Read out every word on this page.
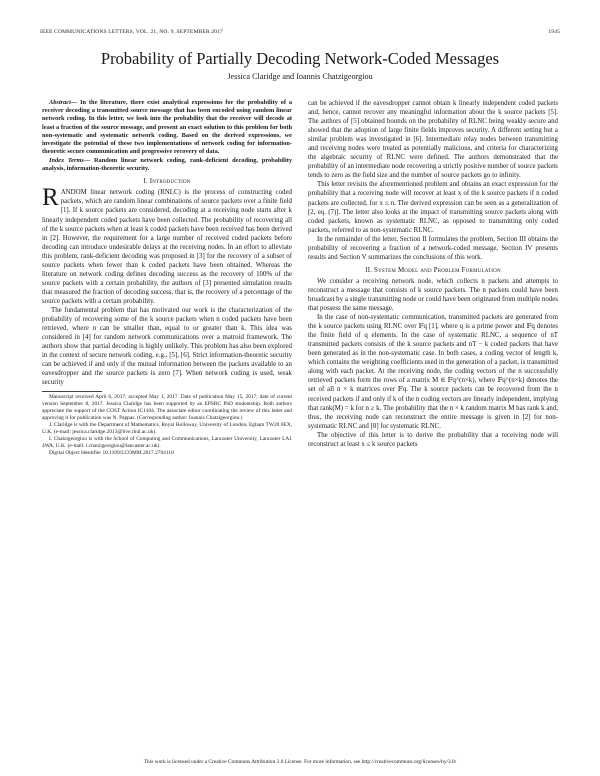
IEEE COMMUNICATIONS LETTERS, VOL. 21, NO. 9, SEPTEMBER 2017	1945
Probability of Partially Decoding Network-Coded Messages
Jessica Claridge and Ioannis Chatzigeorgiou

Abstract— In the literature, there exist analytical expressions for the probability of a receiver decoding a transmitted source message that has been encoded using random linear network coding. In this letter, we look into the probability that the receiver will decode at least a fraction of the source message, and present an exact solution to this problem for both non-systematic and systematic network coding. Based on the derived expressions, we investigate the potential of these two implementations of network coding for information-theoretic secure communication and progressive recovery of data.

Index Terms— Random linear network coding, rank-deficient decoding, probability analysis, information-theoretic security.

I. Introduction

RANDOM linear network coding (RNLC) is the process of constructing coded packets, which are random linear combinations of source packets over a finite field [1]. If k source packets are considered, decoding at a receiving node starts after k linearly independent coded packets have been collected. The probability of recovering all of the k source packets when at least k coded packets have been received has been derived in [2]. However, the requirement for a large number of received coded packets before decoding can introduce undesirable delays at the receiving nodes. In an effort to alleviate this problem, rank-deficient decoding was proposed in [3] for the recovery of a subset of source packets when fewer than k coded packets have been obtained. Whereas the literature on network coding defines decoding success as the recovery of 100% of the source packets with a certain probability, the authors of [3] presented simulation results that measured the fraction of decoding success, that is, the recovery of a percentage of the source packets with a certain probability.

The fundamental problem that has motivated our work is the characterization of the probability of recovering some of the k source packets when n coded packets have been retrieved, where n can be smaller than, equal to or greater than k. This idea was considered in [4] for random network communications over a matroid framework. The authors show that partial decoding is highly unlikely. This problem has also been explored in the context of secure network coding, e.g., [5], [6]. Strict information-theoretic security can be achieved if and only if the mutual information between the packets available to an eavesdropper and the source packets is zero [7]. When network coding is used, weak security

Manuscript received April 6, 2017; accepted May 1, 2017. Date of publication May 15, 2017; date of current version September 8, 2017. Jessica Claridge has been supported by an EPSRC PhD studentship. Both authors appreciate the support of the COST Action IC1104. The associate editor coordinating the review of this letter and approving it for publication was N. Pappas. (Corresponding author: Ioannis Chatzigeorgiou.)

J. Claridge is with the Department of Mathematics, Royal Holloway, University of London, Egham TW20 0EX, U.K. (e-mail: jessica.claridge.2013@live.rhul.ac.uk).

I. Chatzigeorgiou is with the School of Computing and Communications, Lancaster University, Lancaster LA1 4WA, U.K. (e-mail: i.chatzigeorgiou@lancaster.ac.uk).

Digital Object Identifier 10.1109/LCOMM.2017.2704110

can be achieved if the eavesdropper cannot obtain k linearly independent coded packets and, hence, cannot recover any meaningful information about the k source packets [5]. The authors of [5] obtained bounds on the probability of RLNC being weakly secure and showed that the adoption of large finite fields improves security. A different setting but a similar problem was investigated in [6]. Intermediate relay nodes between transmitting and receiving nodes were treated as potentially malicious, and criteria for characterizing the algebraic security of RLNC were defined. The authors demonstrated that the probability of an intermediate node recovering a strictly positive number of source packets tends to zero as the field size and the number of source packets go to infinity.

This letter revisits the aforementioned problem and obtains an exact expression for the probability that a receiving node will recover at least x of the k source packets if n coded packets are collected, for x ≤ n. The derived expression can be seen as a generalization of [2, eq. (7)]. The letter also looks at the impact of transmitting source packets along with coded packets, known as systematic RLNC, as opposed to transmitting only coded packets, referred to as non-systematic RLNC.

In the remainder of the letter, Section II formulates the problem, Section III obtains the probability of recovering a fraction of a network-coded message, Section IV presents results and Section V summarizes the conclusions of this work.

II. System Model and Problem Formulation

We consider a receiving network node, which collects n packets and attempts to reconstruct a message that consists of k source packets. The n packets could have been broadcast by a single transmitting node or could have been originated from multiple nodes that possess the same message.

In the case of non-systematic communication, transmitted packets are generated from the k source packets using RLNC over 𝔽q [1], where q is a prime power and 𝔽q denotes the finite field of q elements. In the case of systematic RLNC, a sequence of nT transmitted packets consists of the k source packets and nT − k coded packets that have been generated as in the non-systematic case. In both cases, a coding vector of length k, which contains the weighting coefficients used in the generation of a packet, is transmitted along with each packet. At the receiving node, the coding vectors of the n successfully retrieved packets form the rows of a matrix M ∈ 𝔽q^(n×k), where 𝔽q^(n×k) denotes the set of all n × k matrices over 𝔽q. The k source packets can be recovered from the n received packets if and only if k of the n coding vectors are linearly independent, implying that rank(M) = k for n ≥ k. The probability that the n × k random matrix M has rank k and, thus, the receiving node can reconstruct the entire message is given in [2] for non-systematic RLNC and [8] for systematic RLNC.

The objective of this letter is to derive the probability that a receiving node will reconstruct at least x ≤ k source packets

This work is licensed under a Creative Commons Attribution 3.0 License. For more information, see http://creativecommons.org/licenses/by/3.0/
